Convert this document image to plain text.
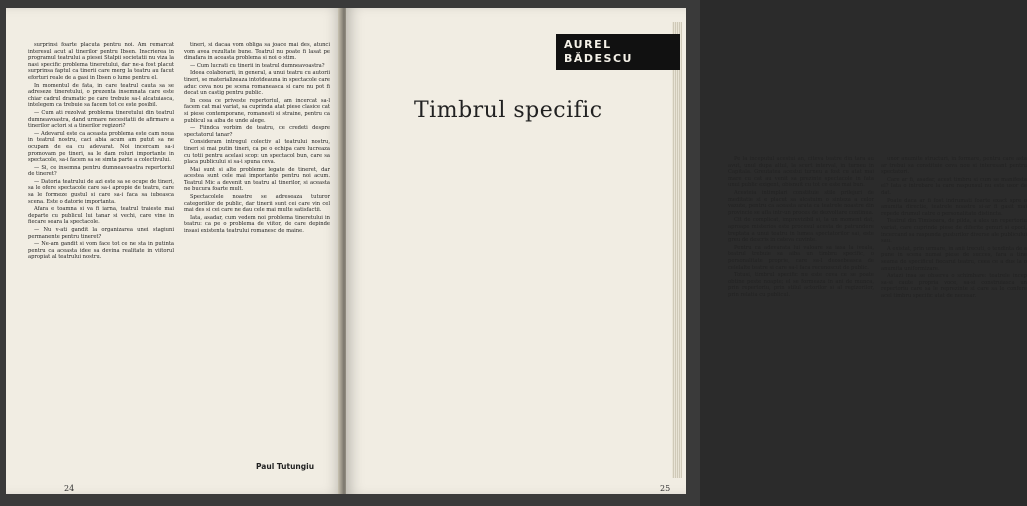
surprinsi foarte placuta pentru noi. Am remarcat interesul acut al tinerilor pentru Ibsen. Inscrierea in programul teatrului a piesei Stalpii societatii nu viza la nasi specific problema tineretului, dar ne-a fost placut surprinsa faptul ca tinerii care merg la teatru au facut eforturi reale de a gasi in Ibsen o lume pentru el.

In momentul de fata, in care teatrul cauta sa se adreseze tineretului, o prezenta insemnata care este chiar cadrul dramatic pe care trebuie sa-l alcatuiasca, intelegem ca trebuie sa facem tot ce este posibil.

— Cum ati rezolvat problema tineretului din teatrul dumneavoastra, dand urmare necesitatii de afirmare a tinerilor actori si a tinerilor regizori?

— Adevarul este ca aceasta problema este cam noua in teatrul nostru, caci abia acum am putut sa ne ocupam de ea cu adevarat. Noi incercam sa-i promovam pe tineri, sa le dam roluri importante in spectacole, sa-i facem sa se simta parte a colectivului.

— Si, ce insemna pentru dumneavoastra repertoriul de tineret?

— Datoria teatrului de azi este sa se ocupe de tineri, sa le ofere spectacole care sa-i apropie de teatru, care sa le formeze gustul si care sa-i faca sa iubeasca scena. Este o datorie importanta.

Afara e toamna si va fi iarna, teatrul traieste mai departe cu publicul lui tanar si vechi, care vine in fiecare seara la spectacole.

— Nu v-ati gandit la organizarea unei stagiuni permanente pentru tineret?

— Ne-am gandit si vom face tot ce ne sta in putinta pentru ca aceasta idee sa devina realitate in viitorul apropiat al teatrului nostru.

tineri, si dacaa vom obliga sa joace mai des, atunci vom avea rezultate bune. Teatrul nu poate fi lasat pe dinafara in aceasta problema si noi o stim.

— Cum lucrati cu tinerii in teatrul dumneavoastra?

Ideea colaborarii, in general, a unui teatru cu autorii tineri, se materializeaza intotdeauna in spectacole care aduc ceva nou pe scena romaneasca si care nu pot fi decat un castig pentru public.

In ceea ce priveste repertoriul, am incercat sa-l facem cat mai variat, sa cuprinda atat piese clasice cat si piese contemporane, romanesti si straine, pentru ca publicul sa aiba de unde alege.

— Fiindca vorbim de teatru, ce credeti despre spectatorul tanar?

Consideram intregul colectiv al teatrului nostru, tineri si mai putin tineri, ca pe o echipa care lucreaza cu totii pentru acelasi scop: un spectacol bun, care sa placa publicului si sa-i spuna ceva.

Mai sunt si alte probleme legate de tineret, dar acestea sunt cele mai importante pentru noi acum. Teatrul Mic a devenit un teatru al tinerilor, si aceasta ne bucura foarte mult.

Spectacolele noastre se adreseaza tuturor categoriilor de public, dar tinerii sunt cei care vin cel mai des si cei care ne dau cele mai multe satisfactii.

Iata, asadar, cum vedem noi problema tineretului in teatru: ca pe o problema de viitor, de care depinde insasi existenta teatrului romanesc de maine.

Pe la inceputul acestui an, citeva teatre din tara au avut, unul dupa altul, la scurt interval, in turneu in Capitala. Greutatea acestui turneu a fost cu atat mai mare cu cat au venit sa prezinte spectacole in fata unui public exigent, obisnuit cu tot ce este mai bun.

Acesteia intimplari constituie stile prilejuri de meditatie si e placut sa alcatuim o sinteza a celor vazute, pentru ca aceasta arata ca teatrele noastre din provincie se afla intr-un proces de dezvoltare continua.

Cit de complicat, imprevizibil si, la un moment dat, aproape misterios este procesul acesta de patrundere treptata a unui teatru in lumea spectatorilor sai, este greu de descris in cateva cuvinte.

Pentru ca adevarata lui valoare sa iasa la iveala, teatrul trebuie sa aiba un timbru specific, o personalitate proprie, care sa-l deosebeasca de celelalte teatre si care sa-l faca recunoscut de public.

Totusi, timbrul specific nu este ceva ce se poate obtine peste noapte; el se formeaza in ani de munca, prin repertoriu, prin stilul actorilor si al regizorilor, prin relatia cu publicul.

unor anumite structuri, in formare, pentru care asta ar trebui sa constituie ceva nou si interesant pentru spectatori.

Care ar fi, asadar, acest timbru si cum se manifesta el? Iata o intrebare la care raspunsul nu este usor de dat.

Poate daca ar fi fost indrumati foarte exact spre o anumita directie, teatrele noastre si-ar fi gasit mai repede drumul catre o personalitate distincta.

Teatrul din Timisoara, de pilda, a ales un repertoriu variat, care cuprinde piese de diferite genuri si epoci, incercand sa raspunda gusturilor diverse ale publicului sau.

A existat, prin urmare, in anii trecuti, o tendinta de a pune in scena numai piese de succes, fara a tine seama de specificul fiecarui teatru, ceea ce a dus la o anumita uniformizare.

Astazi insa se observa o schimbare: teatrele incep sa-si caute propria voce, sa-si construiasca un repertoriu care sa le reprezinte si care sa le confere acel timbru specific atat de necesar.

AUREL
BĂDESCU
Timbrul specific
Paul Tutungiu
24	25
